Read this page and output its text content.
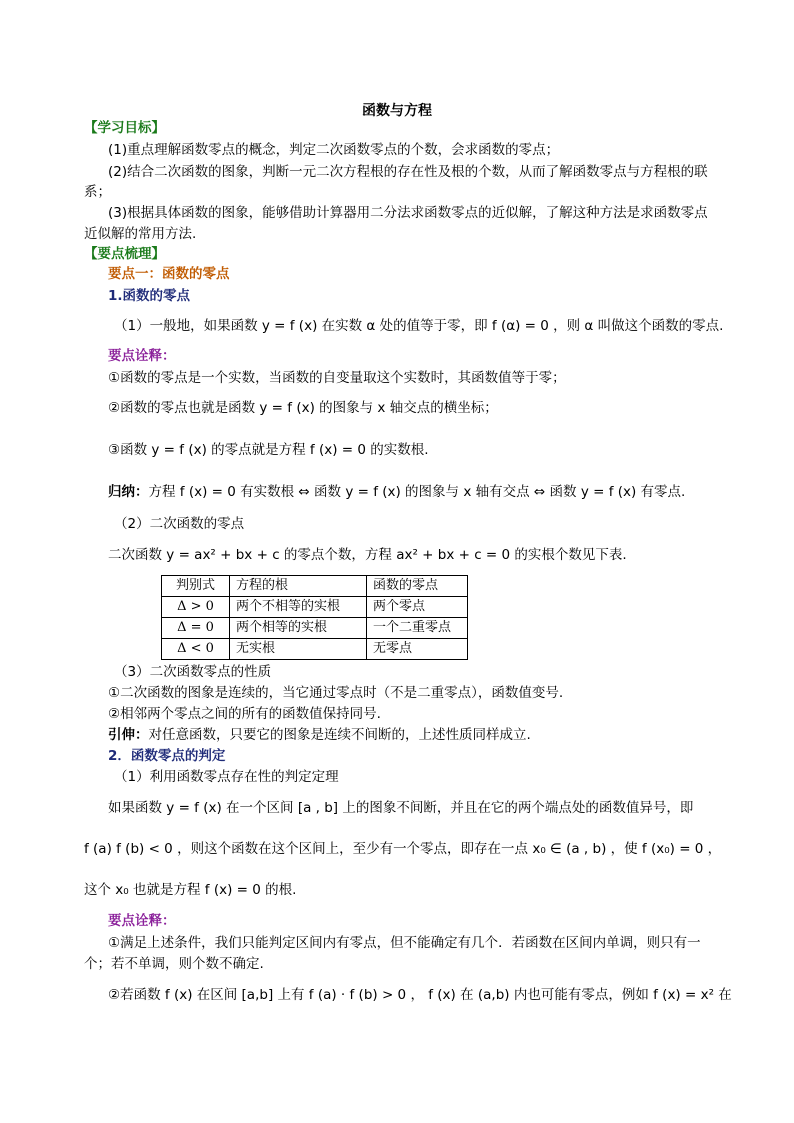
函数与方程
【学习目标】
(1)重点理解函数零点的概念，判定二次函数零点的个数，会求函数的零点；
(2)结合二次函数的图象，判断一元二次方程根的存在性及根的个数，从而了解函数零点与方程根的联
系；
(3)根据具体函数的图象，能够借助计算器用二分法求函数零点的近似解，了解这种方法是求函数零点
近似解的常用方法.
【要点梳理】
要点一：函数的零点
1.函数的零点
（1）一般地，如果函数 y = f (x) 在实数 α 处的值等于零，即 f (α) = 0 ，则 α 叫做这个函数的零点.
要点诠释：
①函数的零点是一个实数，当函数的自变量取这个实数时，其函数值等于零；
②函数的零点也就是函数 y = f (x) 的图象与 x 轴交点的横坐标；
③函数 y = f (x) 的零点就是方程 f (x) = 0 的实数根.
归纳：方程 f (x) = 0 有实数根 ⇔ 函数 y = f (x) 的图象与 x 轴有交点 ⇔ 函数 y = f (x) 有零点.
（2）二次函数的零点
二次函数 y = ax² + bx + c 的零点个数，方程 ax² + bx + c = 0 的实根个数见下表.
判别式	方程的根	函数的零点
Δ > 0	两个不相等的实根	两个零点
Δ = 0	两个相等的实根	一个二重零点
Δ < 0	无实根	无零点
（3）二次函数零点的性质
①二次函数的图象是连续的，当它通过零点时（不是二重零点），函数值变号.
②相邻两个零点之间的所有的函数值保持同号.
引伸：对任意函数，只要它的图象是连续不间断的，上述性质同样成立.
2．函数零点的判定
（1）利用函数零点存在性的判定定理
如果函数 y = f (x) 在一个区间 [a , b] 上的图象不间断，并且在它的两个端点处的函数值异号，即
f (a) f (b) < 0 ，则这个函数在这个区间上，至少有一个零点，即存在一点 x₀ ∈ (a , b) ，使 f (x₀) = 0 ，
这个 x₀ 也就是方程 f (x) = 0 的根.
要点诠释：
①满足上述条件，我们只能判定区间内有零点，但不能确定有几个．若函数在区间内单调，则只有一
个；若不单调，则个数不确定.
②若函数 f (x) 在区间 [a,b] 上有 f (a) · f (b) > 0 ， f (x) 在 (a,b) 内也可能有零点，例如 f (x) = x² 在
